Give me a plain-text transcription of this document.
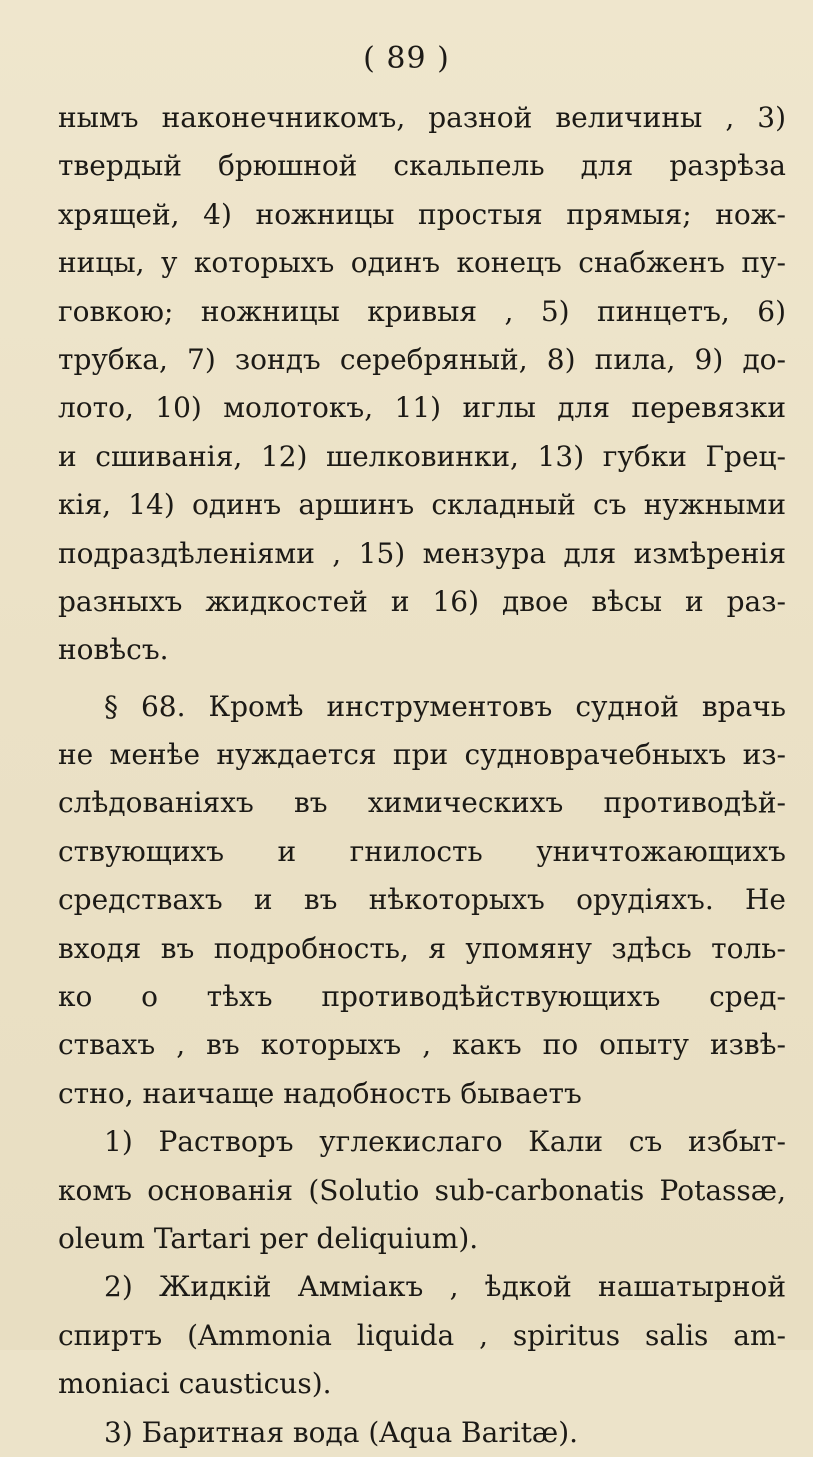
( 89 )
нымъ наконечникомъ, разной величины , 3)
твердый брюшной скальпель для разрѣза
хрящей, 4) ножницы простыя прямыя; нож-
ницы, у которыхъ одинъ конецъ снабженъ пу-
говкою; ножницы кривыя , 5) пинцетъ, 6)
трубка, 7) зондъ серебряный, 8) пила, 9) до-
лото, 10) молотокъ, 11) иглы для перевязки
и сшиванія, 12) шелковинки, 13) губки Грец-
кія, 14) одинъ аршинъ складный съ нужными
подраздѣленіями , 15) мензура для измѣренія
разныхъ жидкостей и 16) двое вѣсы и раз-
новѣсъ.
§ 68. Кромѣ инструментовъ судной врачь
не менѣе нуждается при судноврачебныхъ из-
слѣдованіяхъ въ химическихъ противодѣй-
ствующихъ и гнилость уничтожающихъ
средствахъ и въ нѣкоторыхъ орудіяхъ. Не
входя въ подробность, я упомяну здѣсь толь-
ко о тѣхъ противодѣйствующихъ сред-
ствахъ , въ которыхъ , какъ по опыту извѣ-
стно, наичаще надобность бываетъ
1) Растворъ углекислаго Кали съ избыт-
комъ основанія (Solutio sub-carbonatis Potassæ,
oleum Tartari per deliquium).
2) Жидкій Аммiакъ , ѣдкой нашатырной
спиртъ (Ammonia liquida , spiritus salis am-
moniaci causticus).
3) Баритная вода (Aqua Baritæ).
